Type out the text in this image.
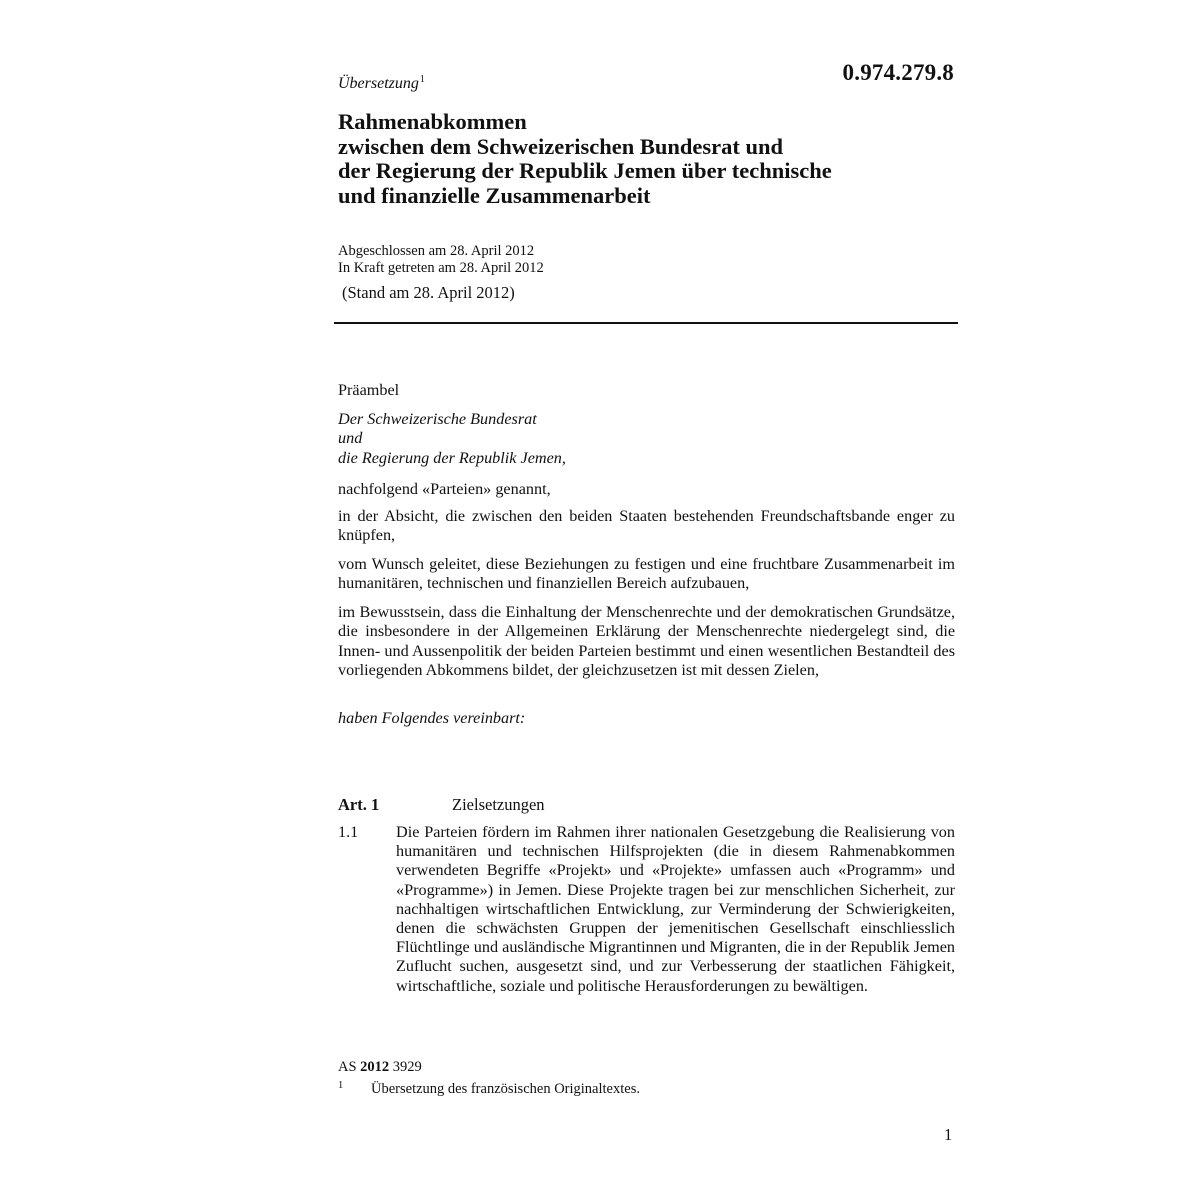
Übersetzung$^1$	0.974.279.8
Rahmenabkommen
zwischen dem Schweizerischen Bundesrat und
der Regierung der Republik Jemen über technische
und finanzielle Zusammenarbeit
Abgeschlossen am 28. April 2012
In Kraft getreten am 28. April 2012
(Stand am 28. April 2012)
Präambel
Der Schweizerische Bundesrat
und
die Regierung der Republik Jemen,
nachfolgend «Parteien» genannt,
in der Absicht, die zwischen den beiden Staaten bestehenden Freundschaftsbande enger zu knüpfen,
vom Wunsch geleitet, diese Beziehungen zu festigen und eine fruchtbare Zusammenarbeit im humanitären, technischen und finanziellen Bereich aufzubauen,
im Bewusstsein, dass die Einhaltung der Menschenrechte und der demokratischen Grundsätze, die insbesondere in der Allgemeinen Erklärung der Menschenrechte niedergelegt sind, die Innen- und Aussenpolitik der beiden Parteien bestimmt und einen wesentlichen Bestandteil des vorliegenden Abkommens bildet, der gleichzusetzen ist mit dessen Zielen,
haben Folgendes vereinbart:
Art. 1	Zielsetzungen
1.1 Die Parteien fördern im Rahmen ihrer nationalen Gesetzgebung die Realisierung von humanitären und technischen Hilfsprojekten (die in diesem Rahmenabkommen verwendeten Begriffe «Projekt» und «Projekte» umfassen auch «Programm» und «Programme») in Jemen. Diese Projekte tragen bei zur menschlichen Sicherheit, zur nachhaltigen wirtschaftlichen Entwicklung, zur Verminderung der Schwierigkeiten, denen die schwächsten Gruppen der jemenitischen Gesellschaft einschliesslich Flüchtlinge und ausländische Migrantinnen und Migranten, die in der Republik Jemen Zuflucht suchen, ausgesetzt sind, und zur Verbesserung der staatlichen Fähigkeit, wirtschaftliche, soziale und politische Herausforderungen zu bewältigen.
AS 2012 3929
1 Übersetzung des französischen Originaltextes.
1
